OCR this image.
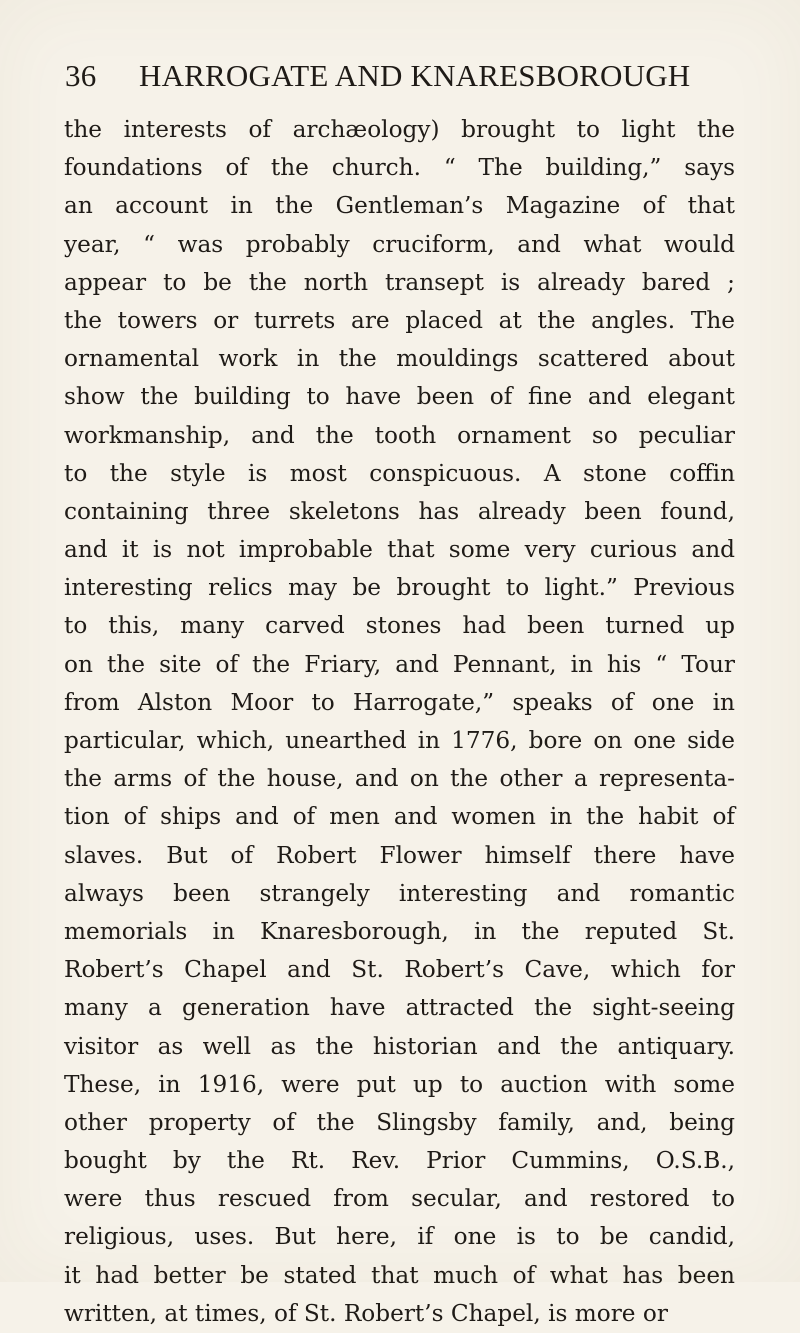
36	HARROGATE AND KNARESBOROUGH

the interests of archæology) brought to light the
foundations of the church. “ The building,” says
an account in the Gentleman’s Magazine of that
year, “ was probably cruciform, and what would
appear to be the north transept is already bared ;
the towers or turrets are placed at the angles. The
ornamental work in the mouldings scattered about
show the building to have been of fine and elegant
workmanship, and the tooth ornament so peculiar
to the style is most conspicuous. A stone coffin
containing three skeletons has already been found,
and it is not improbable that some very curious and
interesting relics may be brought to light.” Previous
to this, many carved stones had been turned up
on the site of the Friary, and Pennant, in his “ Tour
from Alston Moor to Harrogate,” speaks of one in
particular, which, unearthed in 1776, bore on one side
the arms of the house, and on the other a representa-
tion of ships and of men and women in the habit of
slaves. But of Robert Flower himself there have
always been strangely interesting and romantic
memorials in Knaresborough, in the reputed St.
Robert’s Chapel and St. Robert’s Cave, which for
many a generation have attracted the sight-seeing
visitor as well as the historian and the antiquary.
These, in 1916, were put up to auction with some
other property of the Slingsby family, and, being
bought by the Rt. Rev. Prior Cummins, O.S.B.,
were thus rescued from secular, and restored to
religious, uses. But here, if one is to be candid,
it had better be stated that much of what has been
written, at times, of St. Robert’s Chapel, is more or
